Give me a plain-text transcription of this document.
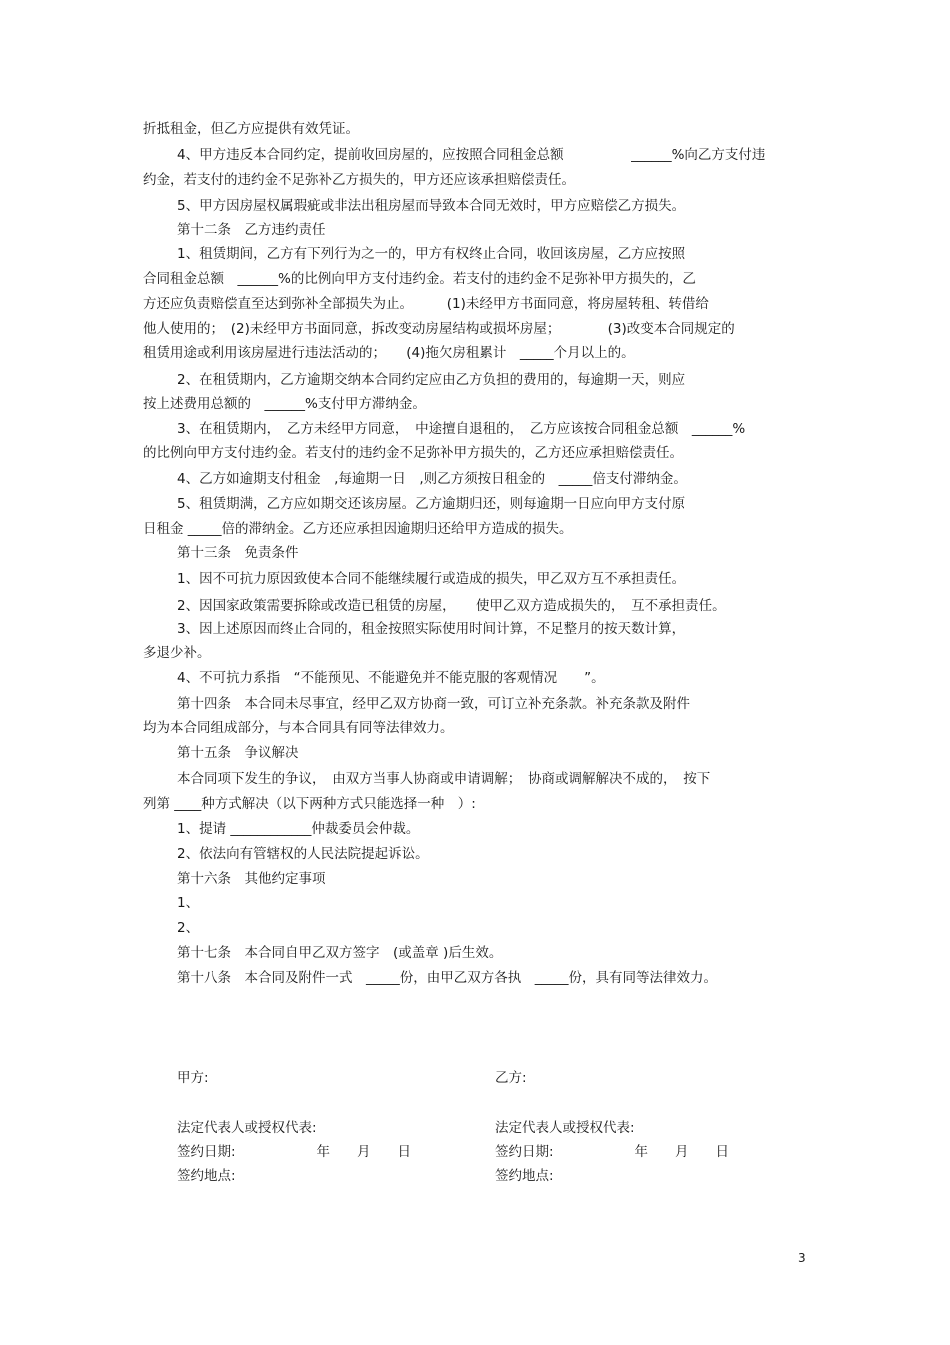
折抵租金，但乙方应提供有效凭证。
4、甲方违反本合同约定，提前收回房屋的，应按照合同租金总额　　　　　______%向乙方支付违
约金，若支付的违约金不足弥补乙方损失的，甲方还应该承担赔偿责任。
5、甲方因房屋权属瑕疵或非法出租房屋而导致本合同无效时，甲方应赔偿乙方损失。
第十二条　乙方违约责任
1、租赁期间，乙方有下列行为之一的，甲方有权终止合同，收回该房屋，乙方应按照
合同租金总额　______%的比例向甲方支付违约金。若支付的违约金不足弥补甲方损失的，乙
方还应负责赔偿直至达到弥补全部损失为止。　　　(1)未经甲方书面同意，将房屋转租、转借给
他人使用的；　(2)未经甲方书面同意，拆改变动房屋结构或损坏房屋；　　　　(3)改变本合同规定的
租赁用途或利用该房屋进行违法活动的；　　(4)拖欠房租累计　_____个月以上的。
2、在租赁期内，乙方逾期交纳本合同约定应由乙方负担的费用的，每逾期一天，则应
按上述费用总额的　______%支付甲方滞纳金。
3、在租赁期内，　乙方未经甲方同意，　中途擅自退租的，　乙方应该按合同租金总额　______%
的比例向甲方支付违约金。若支付的违约金不足弥补甲方损失的，乙方还应承担赔偿责任。
4、乙方如逾期支付租金　,每逾期一日　,则乙方须按日租金的　_____倍支付滞纳金。
5、租赁期满，乙方应如期交还该房屋。乙方逾期归还，则每逾期一日应向甲方支付原
日租金 _____倍的滞纳金。乙方还应承担因逾期归还给甲方造成的损失。
第十三条　免责条件
1、因不可抗力原因致使本合同不能继续履行或造成的损失，甲乙双方互不承担责任。
2、因国家政策需要拆除或改造已租赁的房屋，　　使甲乙双方造成损失的，　互不承担责任。
3、因上述原因而终止合同的，租金按照实际使用时间计算，不足整月的按天数计算，
多退少补。
4、不可抗力系指　“不能预见、不能避免并不能克服的客观情况　　”。
第十四条　本合同未尽事宜，经甲乙双方协商一致，可订立补充条款。补充条款及附件
均为本合同组成部分，与本合同具有同等法律效力。
第十五条　争议解决
本合同项下发生的争议，　由双方当事人协商或申请调解；　协商或调解解决不成的，　按下
列第 ____种方式解决（以下两种方式只能选择一种　）:
1、提请 ____________仲裁委员会仲裁。
2、依法向有管辖权的人民法院提起诉讼。
第十六条　其他约定事项
1、
2、
第十七条　本合同自甲乙双方签字　(或盖章 )后生效。
第十八条　本合同及附件一式　_____份，由甲乙双方各执　_____份，具有同等法律效力。
甲方:	乙方:
法定代表人或授权代表:	法定代表人或授权代表:
签约日期:　　　　　　年　　月　　日	签约日期:　　　　　　年　　月　　日
签约地点:	签约地点:
3
